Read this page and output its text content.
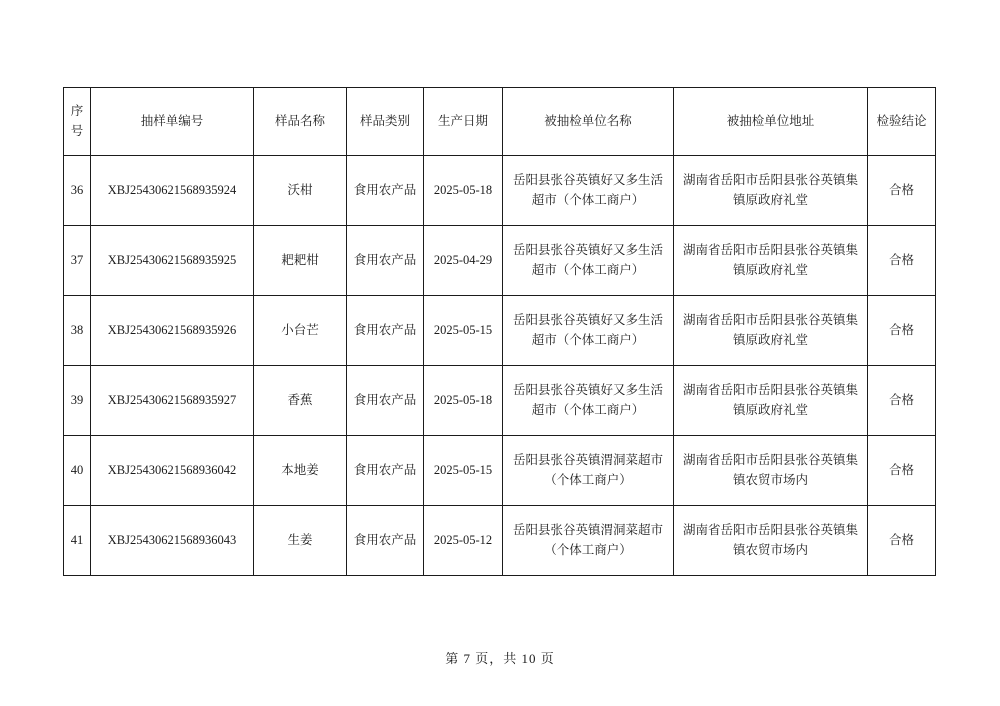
序号	抽样单编号	样品名称	样品类别	生产日期	被抽检单位名称	被抽检单位地址	检验结论
36	XBJ25430621568935924	沃柑	食用农产品	2025-05-18	岳阳县张谷英镇好又多生活超市（个体工商户）	湖南省岳阳市岳阳县张谷英镇集镇原政府礼堂	合格
37	XBJ25430621568935925	耙耙柑	食用农产品	2025-04-29	岳阳县张谷英镇好又多生活超市（个体工商户）	湖南省岳阳市岳阳县张谷英镇集镇原政府礼堂	合格
38	XBJ25430621568935926	小台芒	食用农产品	2025-05-15	岳阳县张谷英镇好又多生活超市（个体工商户）	湖南省岳阳市岳阳县张谷英镇集镇原政府礼堂	合格
39	XBJ25430621568935927	香蕉	食用农产品	2025-05-18	岳阳县张谷英镇好又多生活超市（个体工商户）	湖南省岳阳市岳阳县张谷英镇集镇原政府礼堂	合格
40	XBJ25430621568936042	本地姜	食用农产品	2025-05-15	岳阳县张谷英镇渭洞菜超市（个体工商户）	湖南省岳阳市岳阳县张谷英镇集镇农贸市场内	合格
41	XBJ25430621568936043	生姜	食用农产品	2025-05-12	岳阳县张谷英镇渭洞菜超市（个体工商户）	湖南省岳阳市岳阳县张谷英镇集镇农贸市场内	合格
第 7 页，共 10 页
